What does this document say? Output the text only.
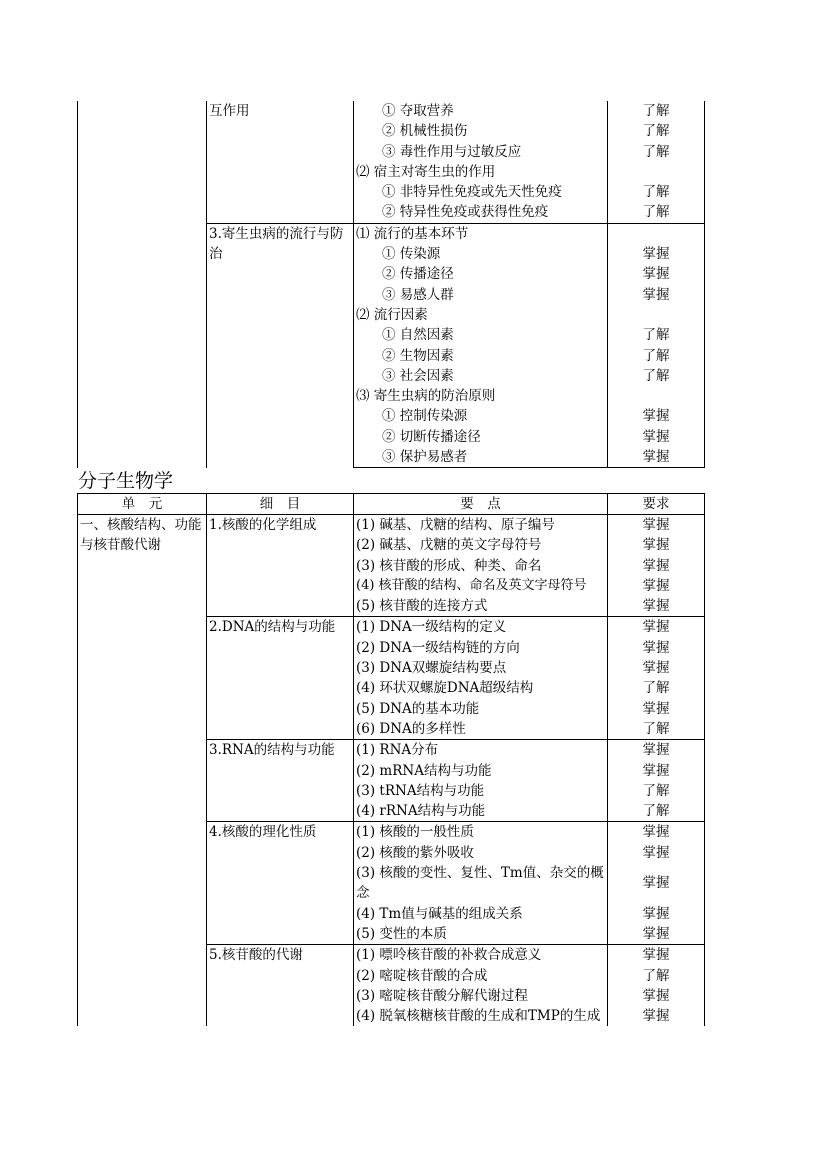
	互作用	① 夺取营养	了解
		② 机械性损伤	了解
		③ 毒性作用与过敏反应	了解
		⑵ 宿主对寄生虫的作用	
		① 非特异性免疫或先天性免疫	了解
		② 特异性免疫或获得性免疫	了解
	3.寄生虫病的流行与防治	⑴ 流行的基本环节	
		① 传染源	掌握
		② 传播途径	掌握
		③ 易感人群	掌握
		⑵ 流行因素	
		① 自然因素	了解
		② 生物因素	了解
		③ 社会因素	了解
		⑶ 寄生虫病的防治原则	
		① 控制传染源	掌握
		② 切断传播途径	掌握
		③ 保护易感者	掌握
分子生物学
单　元	细　目	要　点	要求
一、核酸结构、功能与核苷酸代谢	1.核酸的化学组成	(1) 碱基、戊糖的结构、原子编号	掌握
		(2) 碱基、戊糖的英文字母符号	掌握
		(3) 核苷酸的形成、种类、命名	掌握
		(4) 核苷酸的结构、命名及英文字母符号	掌握
		(5) 核苷酸的连接方式	掌握
	2.DNA的结构与功能	(1) DNA一级结构的定义	掌握
		(2) DNA一级结构链的方向	掌握
		(3) DNA双螺旋结构要点	掌握
		(4) 环状双螺旋DNA超级结构	了解
		(5) DNA的基本功能	掌握
		(6) DNA的多样性	了解
	3.RNA的结构与功能	(1) RNA分布	掌握
		(2) mRNA结构与功能	掌握
		(3) tRNA结构与功能	了解
		(4) rRNA结构与功能	了解
	4.核酸的理化性质	(1) 核酸的一般性质	掌握
		(2) 核酸的紫外吸收	掌握
		(3) 核酸的变性、复性、Tm值、杂交的概念	掌握
		(4) Tm值与碱基的组成关系	掌握
		(5) 变性的本质	掌握
	5.核苷酸的代谢	(1) 嘌呤核苷酸的补救合成意义	掌握
		(2) 嘧啶核苷酸的合成	了解
		(3) 嘧啶核苷酸分解代谢过程	掌握
		(4) 脱氧核糖核苷酸的生成和TMP的生成	掌握
